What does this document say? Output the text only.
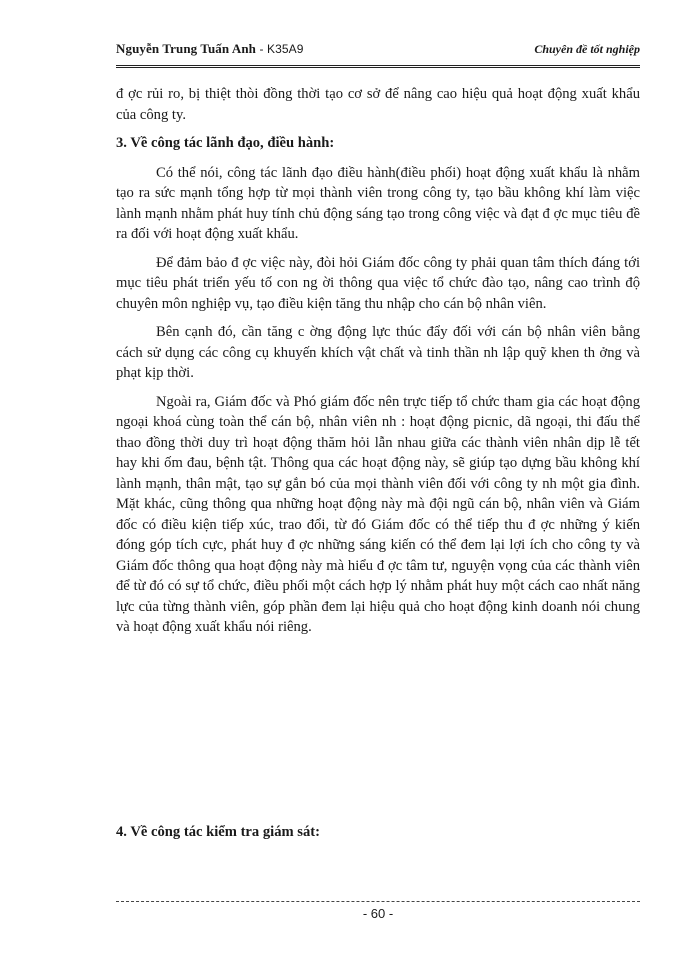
Nguyễn Trung Tuấn Anh - K35A9	Chuyên đề tốt nghiệp

đ ợc rủi ro, bị thiệt thòi đồng thời tạo cơ sở để nâng cao hiệu quả hoạt động xuất khẩu của công ty.

3. Về công tác lãnh đạo, điều hành:

Có thể nói, công tác lãnh đạo điều hành(điều phối) hoạt động xuất khẩu là nhằm tạo ra sức mạnh tổng hợp từ mọi thành viên trong công ty, tạo bầu không khí làm việc lành mạnh nhằm phát huy tính chủ động sáng tạo trong công việc và đạt đ ợc mục tiêu đề ra đối với hoạt động xuất khẩu.

Để đảm bảo đ ợc việc này, đòi hỏi Giám đốc công ty phải quan tâm thích đáng tới mục tiêu phát triển yếu tố con ng ời thông qua việc tổ chức đào tạo, nâng cao trình độ chuyên môn nghiệp vụ, tạo điều kiện tăng thu nhập cho cán bộ nhân viên.

Bên cạnh đó, cần tăng c ờng động lực thúc đẩy đối với cán bộ nhân viên bằng cách sử dụng các công cụ khuyến khích vật chất và tinh thần nh lập quỹ khen th ởng và phạt kịp thời.

Ngoài ra, Giám đốc và Phó giám đốc nên trực tiếp tổ chức tham gia các hoạt động ngoại khoá cùng toàn thể cán bộ, nhân viên nh : hoạt động picnic, dã ngoại, thi đấu thể thao đồng thời duy trì hoạt động thăm hỏi lẫn nhau giữa các thành viên nhân dịp lễ tết hay khi ốm đau, bệnh tật. Thông qua các hoạt động này, sẽ giúp tạo dựng bầu không khí lành mạnh, thân mật, tạo sự gắn bó của mọi thành viên đối với công ty nh một gia đình. Mặt khác, cũng thông qua những hoạt động này mà đội ngũ cán bộ, nhân viên và Giám đốc có điều kiện tiếp xúc, trao đổi, từ đó Giám đốc có thể tiếp thu đ ợc những ý kiến đóng góp tích cực, phát huy đ ợc những sáng kiến có thể đem lại lợi ích cho công ty và Giám đốc thông qua hoạt động này mà hiểu đ ợc tâm tư, nguyện vọng của các thành viên để từ đó có sự tổ chức, điều phối một cách hợp lý nhằm phát huy một cách cao nhất năng lực của từng thành viên, góp phần đem lại hiệu quả cho hoạt động kinh doanh nói chung và hoạt động xuất khẩu nói riêng.

4. Về công tác kiểm tra giám sát:
- 60 -
